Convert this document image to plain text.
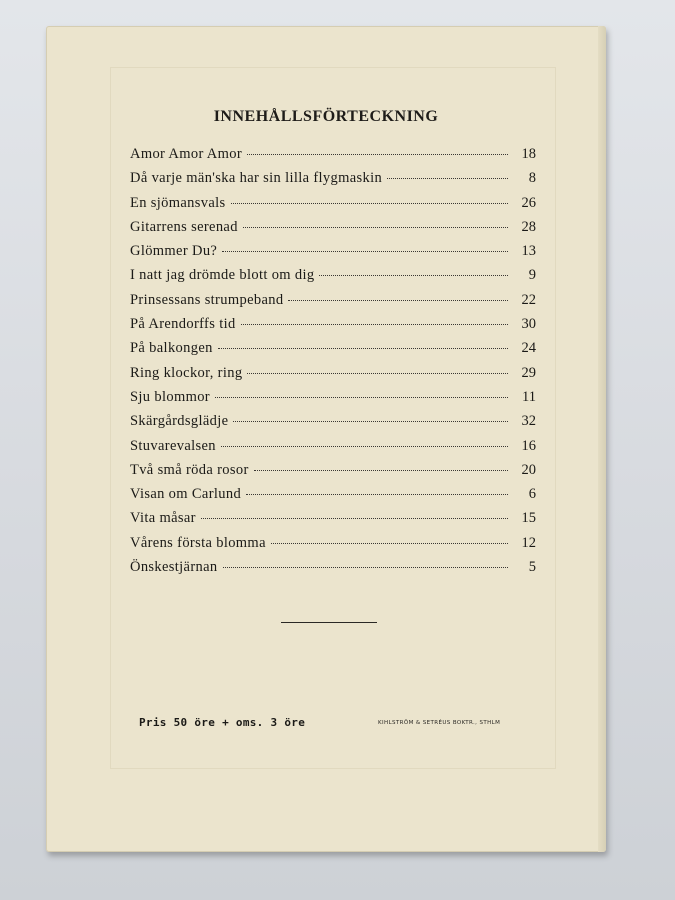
INNEHÅLLSFÖRTECKNING
Amor Amor Amor	18
Då varje män'ska har sin lilla flygmaskin	8
En sjömansvals	26
Gitarrens serenad	28
Glömmer Du?	13
I natt jag drömde blott om dig	9
Prinsessans strumpeband	22
På Arendorffs tid	30
På balkongen	24
Ring klockor, ring	29
Sju blommor	11
Skärgårdsglädje	32
Stuvarevalsen	16
Två små röda rosor	20
Visan om Carlund	6
Vita måsar	15
Vårens första blomma	12
Önskestjärnan	5
Pris 50 öre + oms. 3 öre	KIHLSTRÖM & SETRÉUS BOKTR., STHLM
